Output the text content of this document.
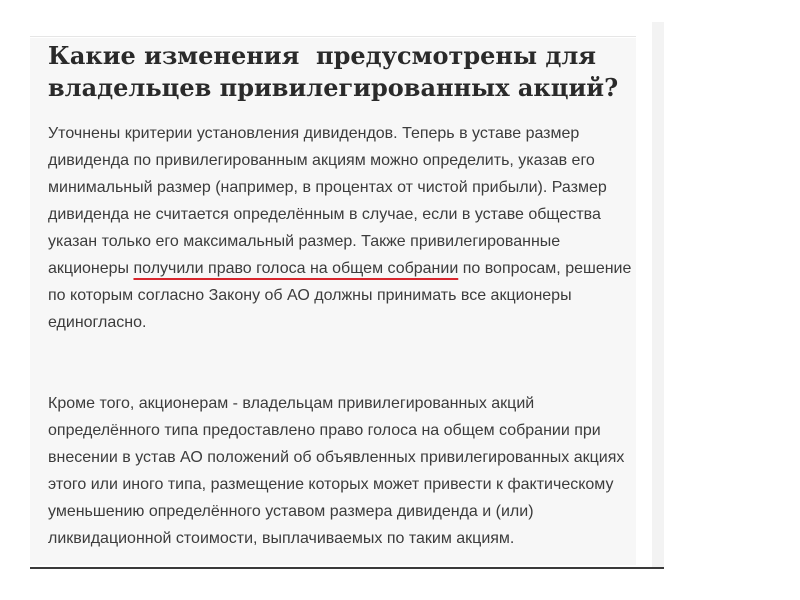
Какие изменения  предусмотрены для владельцев привилегированных акций?

Уточнены критерии установления дивидендов. Теперь в уставе размер дивиденда по привилегированным акциям можно определить, указав его минимальный размер (например, в процентах от чистой прибыли). Размер дивиденда не считается определённым в случае, если в уставе общества указан только его максимальный размер. Также привилегированные акционеры получили право голоса на общем собрании по вопросам, решение по которым согласно Закону об АО должны принимать все акционеры единогласно.

Кроме того, акционерам - владельцам привилегированных акций определённого типа предоставлено право голоса на общем собрании при внесении в устав АО положений об объявленных привилегированных акциях этого или иного типа, размещение которых может привести к фактическому уменьшению определённого уставом размера дивиденда и (или) ликвидационной стоимости, выплачиваемых по таким акциям.
